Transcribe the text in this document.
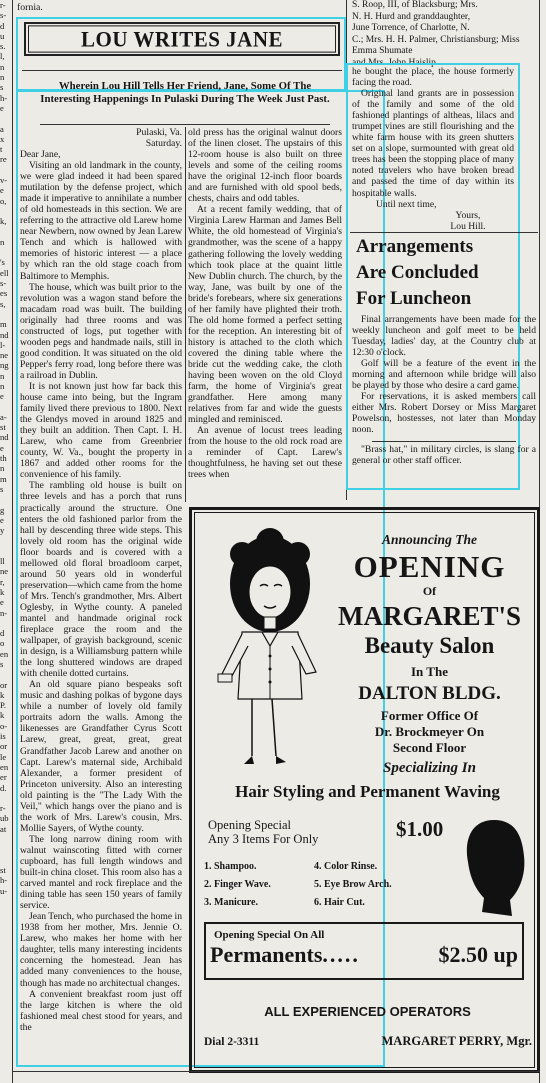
r-
s-
d
u
s.
l,
n
n
s
h-
e

a
x
t
re

v-
e
o,

k,

n

's
ell
s-
es
s,

m
nd
l-
ne
ng
n
n
e

a-
st
nd
e
th
n
m
s

g
e
y

ll
ne
r,
k
e
n-

d
o
en
s

or
k
P.
k
o-
is
or
le
en
er
d.

r-
ub
at

st
h-
u-
fornia.	S. Roop, III, of Blacksburg; Mrs.
N. H. Hurd and granddaughter,
June Torrence, of Charlotte, N.
C.; Mrs. H. H. Palmer, Christiansburg; Miss Emma Shumate
and Mrs. John Haislip.
LOU WRITES JANE
Wherein Lou Hill Tells Her Friend, Jane, Some Of The Interesting Happenings In Pulaski During The Week Just Past.
Pulaski, Va. Saturday.

Dear Jane,

Visiting an old landmark in the county, we were glad indeed it had been spared mutilation by the defense project, which made it imperative to annihilate a number of old homesteads in this section. We are referring to the attractive old Larew home near Newbern, now owned by Jean Larew Tench and which is hallowed with memories of historic interest — a place by which ran the old stage coach from Baltimore to Memphis.

The house, which was built prior to the revolution was a wagon stand before the macadam road was built. The building originally had three rooms and was constructed of logs, put together with wooden pegs and handmade nails, still in good condition. It was situated on the old Pepper's ferry road, long before there was a railroad in Dublin.

It is not known just how far back this house came into being, but the Ingram family lived there previous to 1800. Next the Glendys moved in around 1825 and they built an addition. Then Capt. I. H. Larew, who came from Greenbrier county, W. Va., bought the property in 1867 and added other rooms for the convenience of his family.

The rambling old house is built on three levels and has a porch that runs practically around the structure. One enters the old fashioned parlor from the hall by descending three wide steps. This lovely old room has the original wide floor boards and is covered with a mellowed old floral broadloom carpet, around 50 years old in wonderful preservation—which came from the home of Mrs. Tench's grandmother, Mrs. Albert Oglesby, in Wythe county. A paneled mantel and handmade original rock fireplace grace the room and the wallpaper, of grayish background, scenic in design, is a Williamsburg pattern while the long shuttered windows are draped with chenile dotted curtains.

An old square piano bespeaks soft music and dashing polkas of bygone days while a number of lovely old family portraits adorn the walls. Among the likenesses are Grandfather Cyrus Scott Larew, great, great, great, great Grandfather Jacob Larew and another on Capt. Larew's maternal side, Archibald Alexander, a former president of Princeton university. Also an interesting old painting is the "The Lady With the Veil," which hangs over the piano and is the work of Mrs. Larew's cousin, Mrs. Mollie Sayers, of Wythe county.

The long narrow dining room with walnut wainscoting fitted with corner cupboard, has full length windows and built-in china closet. This room also has a carved mantel and rock fireplace and the dining table has seen 150 years of family service.

Jean Tench, who purchased the home in 1938 from her mother, Mrs. Jennie O. Larew, who makes her home with her daughter, tells many interesting incidents concerning the homestead. Jean has added many conveniences to the house, though has made no architectual changes.

A convenient breakfast room just off the large kitchen is where the old fashioned meal chest stood for years, and the

old press has the original walnut doors of the linen closet. The upstairs of this 12-room house is also built on three levels and some of the ceiling rooms have the original 12-inch floor boards and are furnished with old spool beds, chests, chairs and odd tables.

At a recent family wedding, that of Virginia Larew Harman and James Bell White, the old homestead of Virginia's grandmother, was the scene of a happy gathering following the lovely wedding which took place at the quaint little New Dublin church. The church, by the way, Jane, was built by one of the bride's forebears, where six generations of her family have plighted their troth. The old home formed a perfect setting for the reception. An interesting bit of history is attached to the cloth which covered the dining table where the bride cut the wedding cake, the cloth having been woven on the old Cloyd farm, the home of Virginia's great grandfather. Here among many relatives from far and wide the guests mingled and reminisced.

An avenue of locust trees leading from the house to the old rock road are a reminder of Capt. Larew's thoughtfulness, he having set out these trees when

he bought the place, the house formerly facing the road.

Original land grants are in possession of the family and some of the old fashioned plantings of altheas, lilacs and trumpet vines are still flourishing and the white farm house with its green shutters set on a slope, surmounted with great old trees has been the stopping place of many noted travelers who have broken bread and passed the time of day within its hospitable walls.

Until next time,

Yours,
Lou Hill.
Arrangements
Are Concluded
For Luncheon

Final arrangements have been made for the weekly luncheon and golf meet to be held Tuesday, ladies' day, at the Country club at 12:30 o'clock.

Golf will be a feature of the event in the morning and afternoon while bridge will also be played by those who desire a card game.

For reservations, it is asked members call either Mrs. Robert Dorsey or Miss Margaret Powelson, hostesses, not later than Monday noon.

"Brass hat," in military circles, is slang for a general or other staff officer.

Announcing The
OPENING
Of
MARGARET'S
Beauty Salon
In The
DALTON BLDG.
Former Office Of
Dr. Brockmeyer On
Second Floor
Specializing In
Hair Styling and Permanent Waving
Opening Special
Any 3 Items For Only	$1.00
1. Shampoo.
2. Finger Wave.
3. Manicure.
4. Color Rinse.
5. Eye Brow Arch.
6. Hair Cut.
Opening Special On All
Permanents.....	$2.50 up
ALL EXPERIENCED OPERATORS
Dial 2-3311	MARGARET PERRY, Mgr.
